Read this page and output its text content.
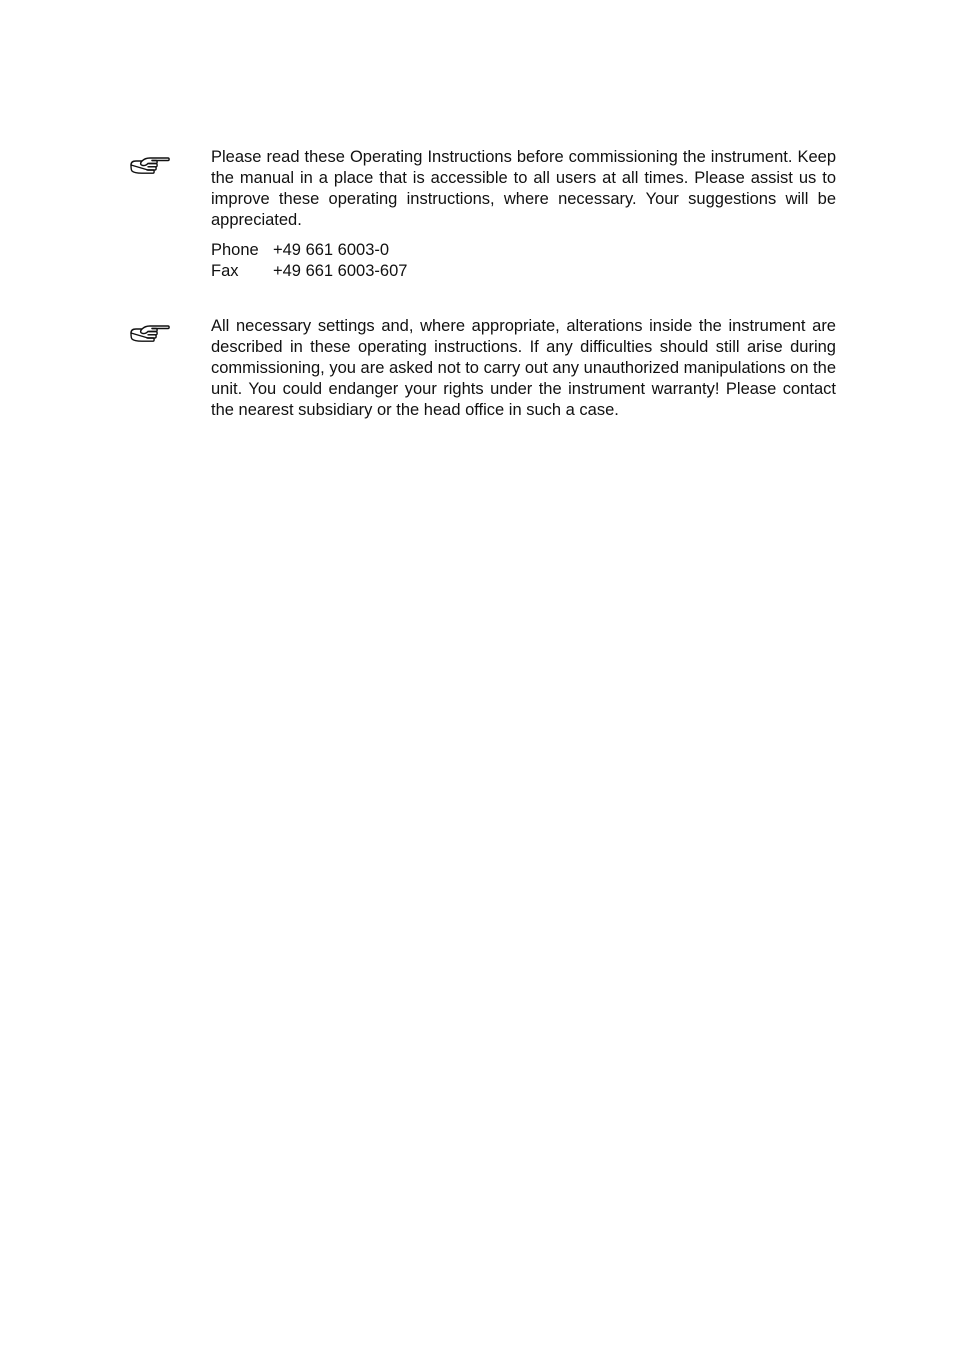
Please read these Operating Instructions before commissioning the instrument. Keep the manual in a place that is accessible to all users at all times. Please assist us to improve these operating instructions, where necessary. Your suggestions will be appreciated.

Phone +49 661 6003-0
Fax	+49 661 6003-607

All necessary settings and, where appropriate, alterations inside the instrument are described in these operating instructions. If any difficulties should still arise during commissioning, you are asked not to carry out any unauthorized manipulations on the unit. You could endanger your rights under the instrument warranty! Please contact the nearest subsidiary or the head office in such a case.
